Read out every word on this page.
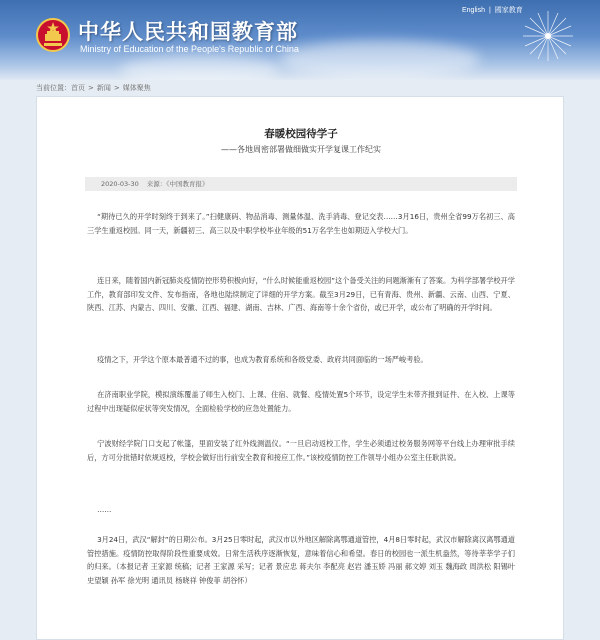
中华人民共和国教育部
Ministry of Education of the People's Republic of China
English | 國家教育
当前位置：首页 > 新闻 > 媒体聚焦
春暖校园待学子
——各地周密部署做细做实开学复课工作纪实
2020-03-30 来源：《中国教育报》

“期待已久的开学时刻终于到来了。”扫健康码、物品消毒、测量体温、洗手消毒、登记交表……3月16日，贵州全省99万名初三、高三学生重返校园。同一天，新疆初三、高三以及中职学校毕业年级的51万名学生也如期迈入学校大门。

连日来，随着国内新冠肺炎疫情防控形势积极向好，“什么时候能重返校园”这个备受关注的问题渐渐有了答案。为科学部署学校开学工作，教育部印发文件、发布指南，各地也陆续制定了详细的开学方案。截至3月29日，已有青海、贵州、新疆、云南、山西、宁夏、陕西、江苏、内蒙古、四川、安徽、江西、福建、湖南、吉林、广西、海南等十余个省份，或已开学，或公布了明确的开学时间。

疫情之下，开学这个原本最普通不过的事，也成为教育系统和各级党委、政府共同面临的一场严峻考验。

在济南职业学院，模拟演练覆盖了师生入校门、上课、住宿、就餐、疫情处置5个环节，设定学生未带齐报到证件、在入校、上课等过程中出现疑似症状等突发情况，全面检验学校的应急处置能力。

宁波财经学院门口支起了帐篷，里面安装了红外线测温仪。“一旦启动返校工作，学生必须通过校务服务网等平台线上办理审批手续后，方可分批错时依规返校，学校会做好出行前安全教育和接应工作。”该校疫情防控工作领导小组办公室主任耿洪说。

……

3月24日，武汉“解封”的日期公布。3月25日零时起，武汉市以外地区解除离鄂通道管控，4月8日零时起，武汉市解除离汉离鄂通道管控措施。疫情防控取得阶段性重要成效。日常生活秩序逐渐恢复，意味着信心和希望。春日的校园也一派生机盎然，等待莘莘学子们的归来。（本报记者 王家源 统稿；记者 王家源 采写；记者 景应忠 蒋夫尔 李配亮 赵岩 潘玉娇 冯丽 郝文婷 刘玉 魏海政 周洪松 阳锡叶 史望颖 孙军 徐光明 通讯员 杨晓祥 钟俊菲 胡谷怀）
